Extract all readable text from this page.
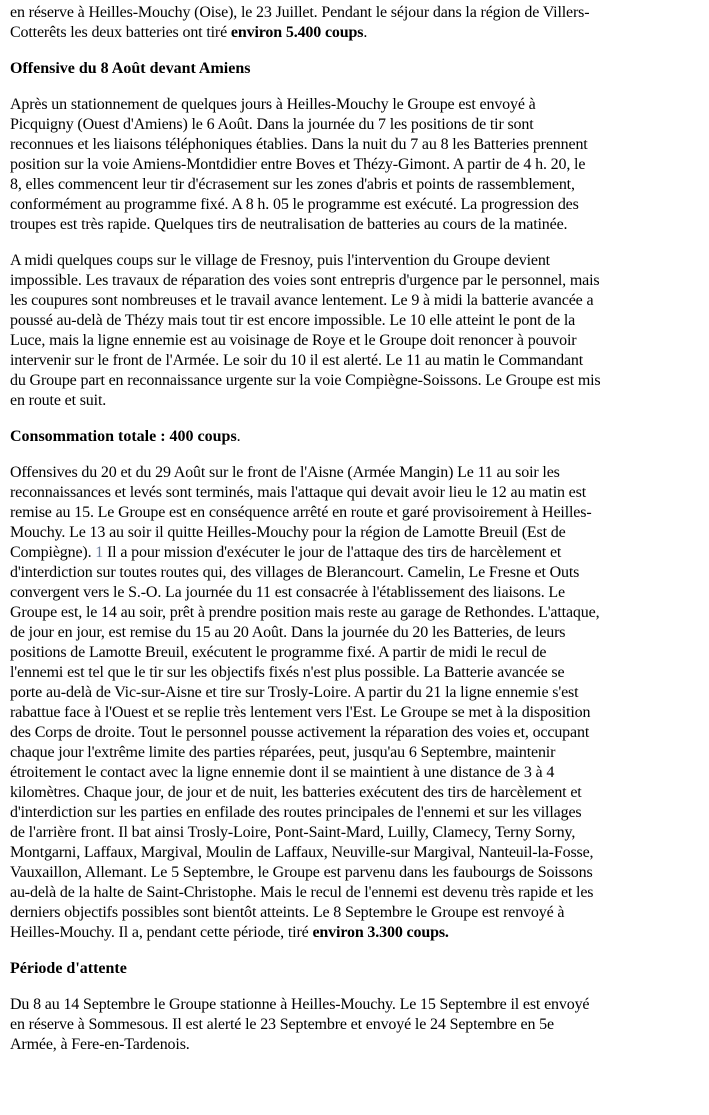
en réserve à Heilles-Mouchy (Oise), le 23 Juillet. Pendant le séjour dans la région de Villers-
Cotterêts les deux batteries ont tiré environ 5.400 coups.

Offensive du 8 Août devant Amiens

Après un stationnement de quelques jours à Heilles-Mouchy le Groupe est envoyé à
Picquigny (Ouest d'Amiens) le 6 Août. Dans la journée du 7 les positions de tir sont
reconnues et les liaisons téléphoniques établies. Dans la nuit du 7 au 8 les Batteries prennent
position sur la voie Amiens-Montdidier entre Boves et Thézy-Gimont. A partir de 4 h. 20, le
8, elles commencent leur tir d'écrasement sur les zones d'abris et points de rassemblement,
conformément au programme fixé. A 8 h. 05 le programme est exécuté. La progression des
troupes est très rapide. Quelques tirs de neutralisation de batteries au cours de la matinée.

A midi quelques coups sur le village de Fresnoy, puis l'intervention du Groupe devient
impossible. Les travaux de réparation des voies sont entrepris d'urgence par le personnel, mais
les coupures sont nombreuses et le travail avance lentement. Le 9 à midi la batterie avancée a
poussé au-delà de Thézy mais tout tir est encore impossible. Le 10 elle atteint le pont de la
Luce, mais la ligne ennemie est au voisinage de Roye et le Groupe doit renoncer à pouvoir
intervenir sur le front de l'Armée. Le soir du 10 il est alerté. Le 11 au matin le Commandant
du Groupe part en reconnaissance urgente sur la voie Compiègne-Soissons. Le Groupe est mis
en route et suit.

Consommation totale : 400 coups.

Offensives du 20 et du 29 Août sur le front de l'Aisne (Armée Mangin) Le 11 au soir les
reconnaissances et levés sont terminés, mais l'attaque qui devait avoir lieu le 12 au matin est
remise au 15. Le Groupe est en conséquence arrêté en route et garé provisoirement à Heilles-
Mouchy. Le 13 au soir il quitte Heilles-Mouchy pour la région de Lamotte Breuil (Est de
Compiègne). 1 Il a pour mission d'exécuter le jour de l'attaque des tirs de harcèlement et
d'interdiction sur toutes routes qui, des villages de Blerancourt. Camelin, Le Fresne et Outs
convergent vers le S.-O. La journée du 11 est consacrée à l'établissement des liaisons. Le
Groupe est, le 14 au soir, prêt à prendre position mais reste au garage de Rethondes. L'attaque,
de jour en jour, est remise du 15 au 20 Août. Dans la journée du 20 les Batteries, de leurs
positions de Lamotte Breuil, exécutent le programme fixé. A partir de midi le recul de
l'ennemi est tel que le tir sur les objectifs fixés n'est plus possible. La Batterie avancée se
porte au-delà de Vic-sur-Aisne et tire sur Trosly-Loire. A partir du 21 la ligne ennemie s'est
rabattue face à l'Ouest et se replie très lentement vers l'Est. Le Groupe se met à la disposition
des Corps de droite. Tout le personnel pousse activement la réparation des voies et, occupant
chaque jour l'extrême limite des parties réparées, peut, jusqu'au 6 Septembre, maintenir
étroitement le contact avec la ligne ennemie dont il se maintient à une distance de 3 à 4
kilomètres. Chaque jour, de jour et de nuit, les batteries exécutent des tirs de harcèlement et
d'interdiction sur les parties en enfilade des routes principales de l'ennemi et sur les villages
de l'arrière front. Il bat ainsi Trosly-Loire, Pont-Saint-Mard, Luilly, Clamecy, Terny Sorny,
Montgarni, Laffaux, Margival, Moulin de Laffaux, Neuville-sur Margival, Nanteuil-la-Fosse,
Vauxaillon, Allemant. Le 5 Septembre, le Groupe est parvenu dans les faubourgs de Soissons
au-delà de la halte de Saint-Christophe. Mais le recul de l'ennemi est devenu très rapide et les
derniers objectifs possibles sont bientôt atteints. Le 8 Septembre le Groupe est renvoyé à
Heilles-Mouchy. Il a, pendant cette période, tiré environ 3.300 coups.

Période d'attente

Du 8 au 14 Septembre le Groupe stationne à Heilles-Mouchy. Le 15 Septembre il est envoyé
en réserve à Sommesous. Il est alerté le 23 Septembre et envoyé le 24 Septembre en 5e
Armée, à Fere-en-Tardenois.
